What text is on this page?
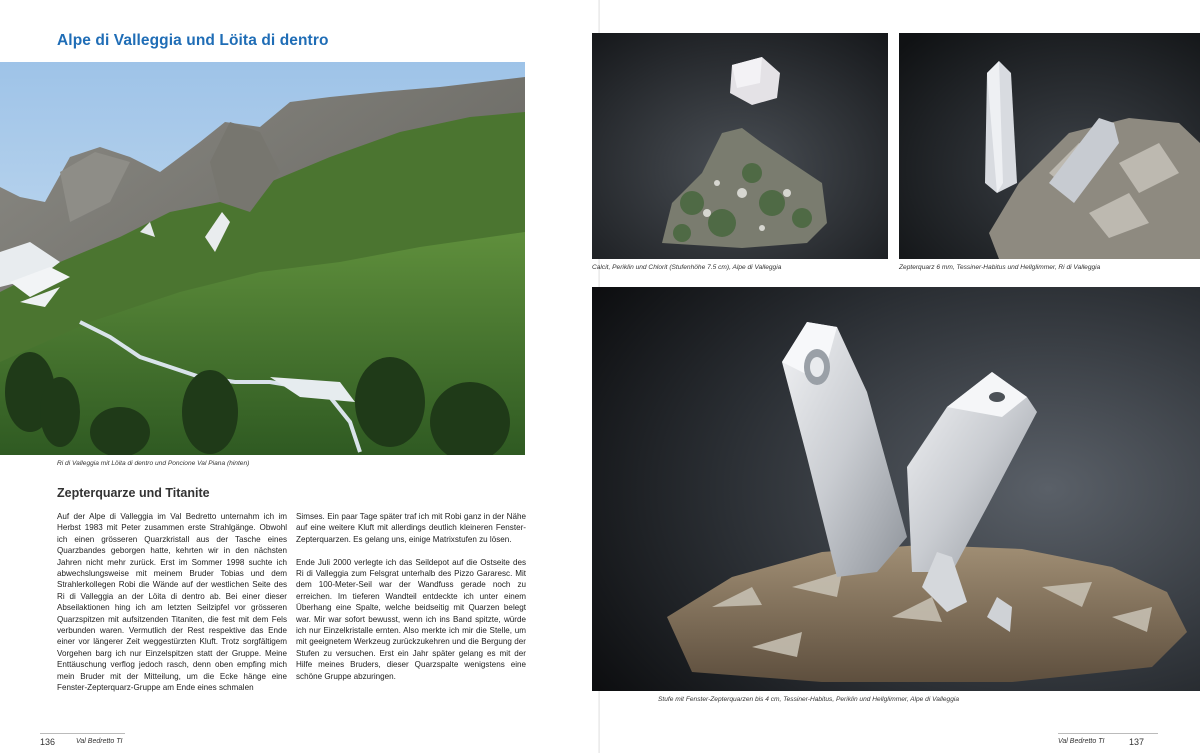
Alpe di Valleggia und Löita di dentro
Ri di Valleggia mit Löita di dentro und Poncione Val Piana (hinten)
Zepterquarze und Titanite

Auf der Alpe di Valleggia im Val Bedretto unternahm ich im Herbst 1983 mit Peter zusammen erste Strahlgänge. Obwohl ich einen grösseren Quarzkristall aus der Tasche eines Quarzbandes geborgen hatte, kehrten wir in den nächsten Jahren nicht mehr zurück. Erst im Sommer 1998 suchte ich abwechslungsweise mit meinem Bruder Tobias und dem Strahlerkollegen Robi die Wände auf der westlichen Seite des Ri di Valleggia an der Löita di dentro ab. Bei einer dieser Abseilaktionen hing ich am letzten Seilzipfel vor grösseren Quarzspitzen mit aufsitzenden Titaniten, die fest mit dem Fels verbunden waren. Vermutlich der Rest respektive das Ende einer vor längerer Zeit weggestürzten Kluft. Trotz sorgfältigem Vorgehen barg ich nur Einzelspitzen statt der Gruppe. Meine Enttäuschung verflog jedoch rasch, denn oben empfing mich mein Bruder mit der Mitteilung, um die Ecke hänge eine Fenster-Zepterquarz-Gruppe am Ende eines schmalen

Simses. Ein paar Tage später traf ich mit Robi ganz in der Nähe auf eine weitere Kluft mit allerdings deutlich kleineren Fenster-Zepterquarzen. Es gelang uns, einige Matrixstufen zu lösen.

Ende Juli 2000 verlegte ich das Seildepot auf die Ostseite des Ri di Valleggia zum Felsgrat unterhalb des Pizzo Gararesc. Mit dem 100-Meter-Seil war der Wandfuss gerade noch zu erreichen. Im tieferen Wandteil entdeckte ich unter einem Überhang eine Spalte, welche beidseitig mit Quarzen belegt war. Mir war sofort bewusst, wenn ich ins Band spitzte, würde ich nur Einzelkristalle ernten. Also merkte ich mir die Stelle, um mit geeignetem Werkzeug zurückzukehren und die Bergung der Stufen zu versuchen. Erst ein Jahr später gelang es mit der Hilfe meines Bruders, dieser Quarzspalte wenigstens eine schöne Gruppe abzuringen.

136	Val Bedretto TI
Calcit, Periklin und Chlorit (Stufenhöhe 7.5 cm), Alpe di Valleggia	Zepterquarz 6 mm, Tessiner-Habitus und Hellglimmer, Ri di Valleggia
Stufe mit Fenster-Zepterquarzen bis 4 cm, Tessiner-Habitus, Periklin und Hellglimmer, Alpe di Valleggia
Val Bedretto TI	137
